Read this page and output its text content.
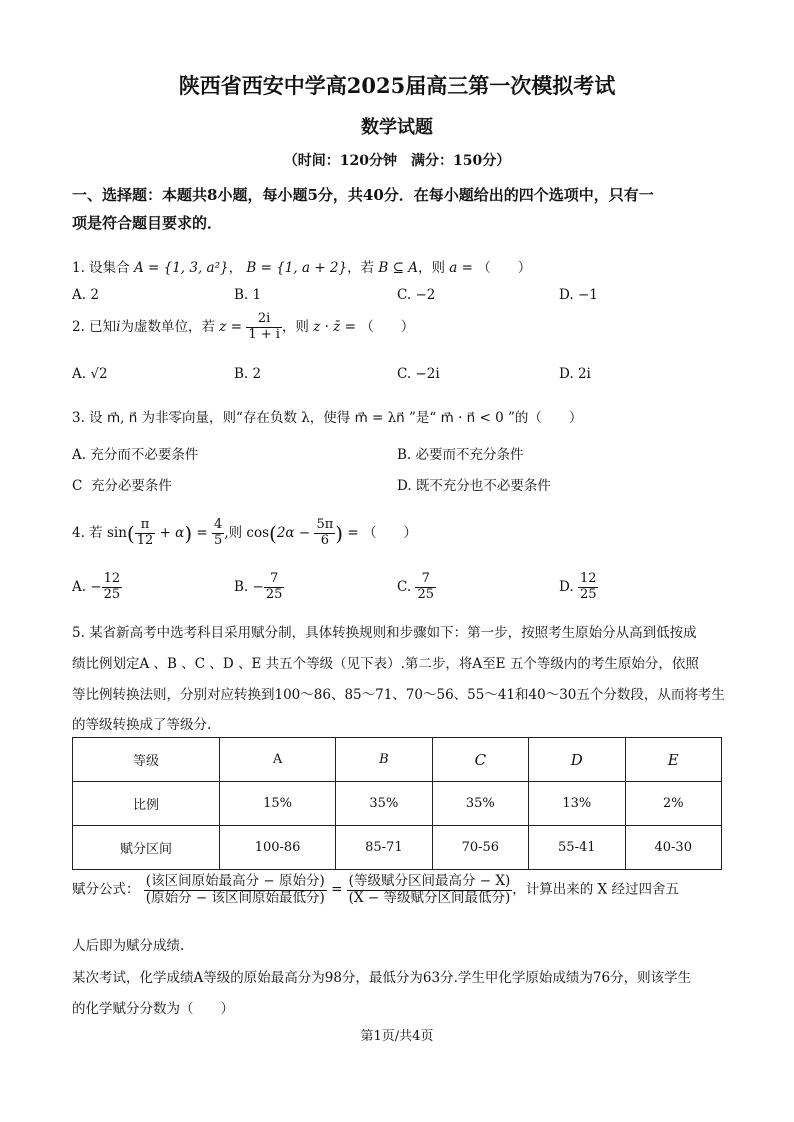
陕西省西安中学高2025届高三第一次模拟考试
数学试题
（时间：120分钟　满分：150分）
一、选择题：本题共8小题，每小题5分，共40分．在每小题给出的四个选项中，只有一
项是符合题目要求的．
1. 设集合 A = {1, 3, a²}， B = {1, a + 2}，若 B ⊆ A，则 a = （　　）
A. 2	B. 1	C. −2	D. −1
2. 已知i为虚数单位，若 $z = \frac{2i}{1 + i}$ ，则 z · z̄ = （　　）
A. √2	B. 2	C. −2i	D. 2i
3. 设 m⃗, n⃗ 为非零向量，则“存在负数 λ，使得 m⃗ = λn⃗ ”是“ m⃗ · n⃗ < 0 ”的（　　）
A. 充分而不必要条件	B. 必要而不充分条件
C 充分必要条件	D. 既不充分也不必要条件
4. 若 $\sin( \frac{\pi}{12} + \alpha) = \frac{4}{5}$ ,则 $\cos(2\alpha - \frac{5\pi}{6}$ ) = （　　）
A. − $\frac{12}{25}$	B. − $\frac{7}{25}$	C. $\frac{7}{25}$	D. $\frac{12}{25}$
5. 某省新高考中选考科目采用赋分制，具体转换规则和步骤如下：第一步，按照考生原始分从高到低按成
绩比例划定A 、B 、C 、D 、E 共五个等级（见下表）.第二步，将A至E 五个等级内的考生原始分，依照
等比例转换法则，分别对应转换到100～86、85～71、70～56、55～41和40～30五个分数段，从而将考生
的等级转换成了等级分.
等级	A	B	C	D	E
比例	15%	35%	35%	13%	2%
赋分区间	100-86	85-71	70-56	55-41	40-30
赋分公式： $\frac{\text{(该区间原始最高分 − 原始分)}}{\text{(原始分 − 该区间原始最低分)}} = \frac{\text{(等级赋分区间最高分 − X)}}{\text{(X − 等级赋分区间最低分)}}$ ，计算出来的 X 经过四舍五
人后即为赋分成绩.
某次考试，化学成绩A等级的原始最高分为98分，最低分为63分.学生甲化学原始成绩为76分，则该学生
的化学赋分分数为（　　）
第1页/共4页
